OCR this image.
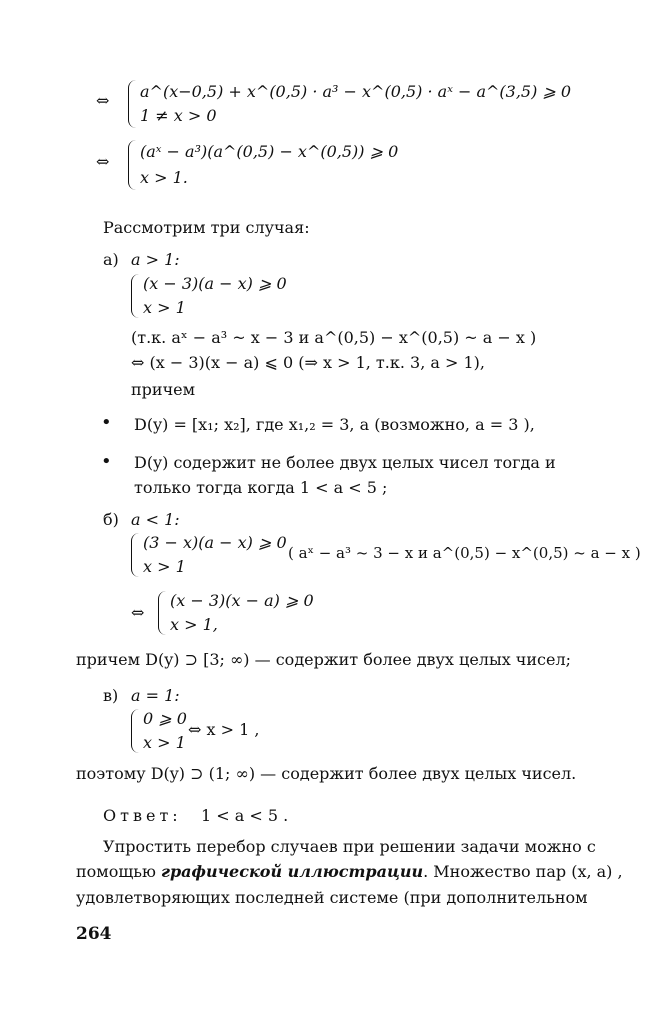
⇔ a^(x−0,5) + x^(0,5) · a³ − x^(0,5) · aˣ − a^(3,5) ⩾ 0
1 ≠ x > 0
⇔
(aˣ − a³)(a^(0,5) − x^(0,5)) ⩾ 0
x > 1.
Рассмотрим три случая:
а) a > 1:
(x − 3)(a − x) ⩾ 0
x > 1
(т.к. aˣ − a³ ~ x − 3 и a^(0,5) − x^(0,5) ~ a − x )
⇔ (x − 3)(x − a) ⩽ 0 (⇒ x > 1, т.к. 3, a > 1),
причем
• D(y) = [x₁; x₂], где x₁,₂ = 3, a (возможно, a = 3 ),
• D(y) содержит не более двух целых чисел тогда и
только тогда когда 1 < a < 5 ;
б) a < 1:
(3 − x)(a − x) ⩾ 0
x > 1
( aˣ − a³ ~ 3 − x и a^(0,5) − x^(0,5) ~ a − x )
⇔
(x − 3)(x − a) ⩾ 0
x > 1,
причем D(y) ⊃ [3; ∞) — содержит более двух целых чисел;
в) a = 1:
0 ⩾ 0
x > 1
⇔ x > 1 ,
поэтому D(y) ⊃ (1; ∞) — содержит более двух целых чисел.
Ответ: 1 < a < 5 .
Упростить перебор случаев при решении задачи можно с
помощью графической иллюстрации. Множество пар (x, a) ,
удовлетворяющих последней системе (при дополнительном
264
